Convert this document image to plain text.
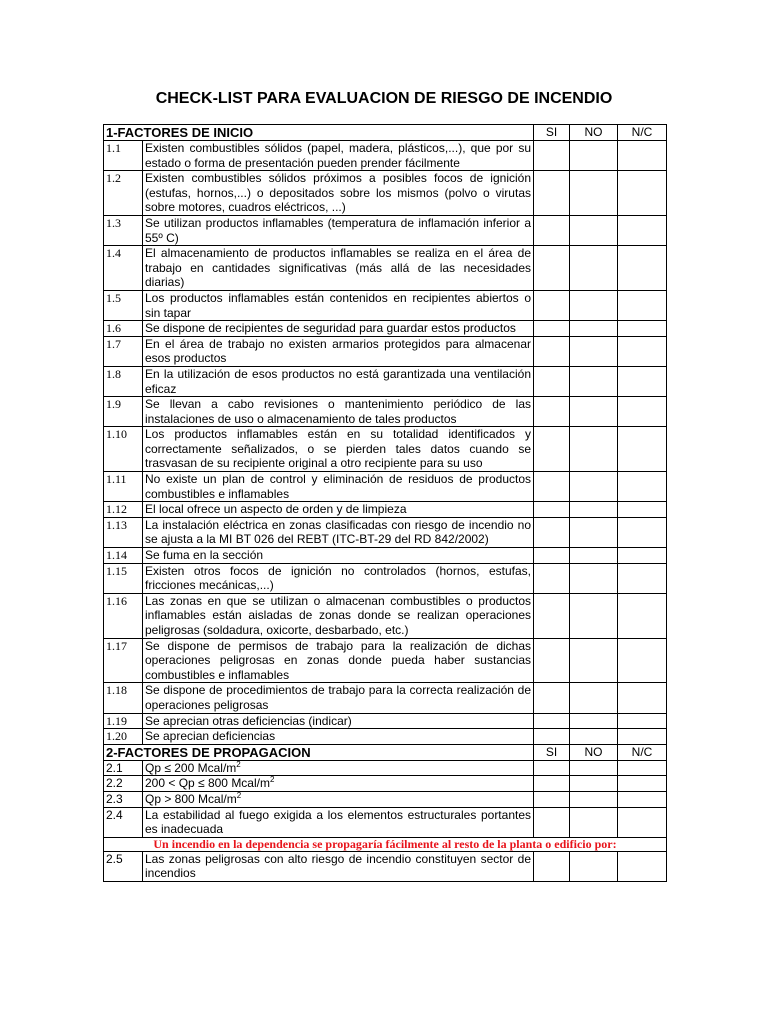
CHECK-LIST PARA EVALUACION DE RIESGO DE INCENDIO
1-FACTORES DE INICIO		SI	NO	N/C
1.1	Existen combustibles sólidos (papel, madera, plásticos,...), que por su estado o forma de presentación pueden prender fácilmente			
1.2	Existen combustibles sólidos próximos a posibles focos de ignición (estufas, hornos,...) o depositados sobre los mismos (polvo o virutas sobre motores, cuadros eléctricos, ...)			
1.3	Se utilizan productos inflamables (temperatura de inflamación inferior a 55º C)			
1.4	El almacenamiento de productos inflamables se realiza en el área de trabajo en cantidades significativas (más allá de las necesidades diarias)			
1.5	Los productos inflamables están contenidos en recipientes abiertos o sin tapar			
1.6	Se dispone de recipientes de seguridad para guardar estos productos			
1.7	En el área de trabajo no existen armarios protegidos para almacenar esos productos			
1.8	En la utilización de esos productos no está garantizada una ventilación eficaz			
1.9	Se llevan a cabo revisiones o mantenimiento periódico de las instalaciones de uso o almacenamiento de tales productos			
1.10	Los productos inflamables están en su totalidad identificados y correctamente señalizados, o se pierden tales datos cuando se trasvasan de su recipiente original a otro recipiente para su uso			
1.11	No existe un plan de control y eliminación de residuos de productos combustibles e inflamables			
1.12	El local ofrece un aspecto de orden y de limpieza			
1.13	La instalación eléctrica en zonas clasificadas con riesgo de incendio no se ajusta a la MI BT 026 del REBT (ITC-BT-29 del RD 842/2002)			
1.14	Se fuma en la sección			
1.15	Existen otros focos de ignición no controlados (hornos, estufas, fricciones mecánicas,...)			
1.16	Las zonas en que se utilizan o almacenan combustibles o productos inflamables están aisladas de zonas donde se realizan operaciones peligrosas (soldadura, oxicorte, desbarbado, etc.)			
1.17	Se dispone de permisos de trabajo para la realización de dichas operaciones peligrosas en zonas donde pueda haber sustancias combustibles e inflamables			
1.18	Se dispone de procedimientos de trabajo para la correcta realización de operaciones peligrosas			
1.19	Se aprecian otras deficiencias (indicar)			
1.20	Se aprecian deficiencias			
2-FACTORES DE PROPAGACION		SI	NO	N/C
2.1	Qp ≤ 200 Mcal/$m^2$			
2.2	200 < Qp ≤ 800 Mcal/$m^2$			
2.3	Qp > 800 Mcal/$m^2$			
2.4	La estabilidad al fuego exigida a los elementos estructurales portantes es inadecuada			
Un incendio en la dependencia se propagaría fácilmente al resto de la planta o edificio por:				
2.5	Las zonas peligrosas con alto riesgo de incendio constituyen sector de incendios			
